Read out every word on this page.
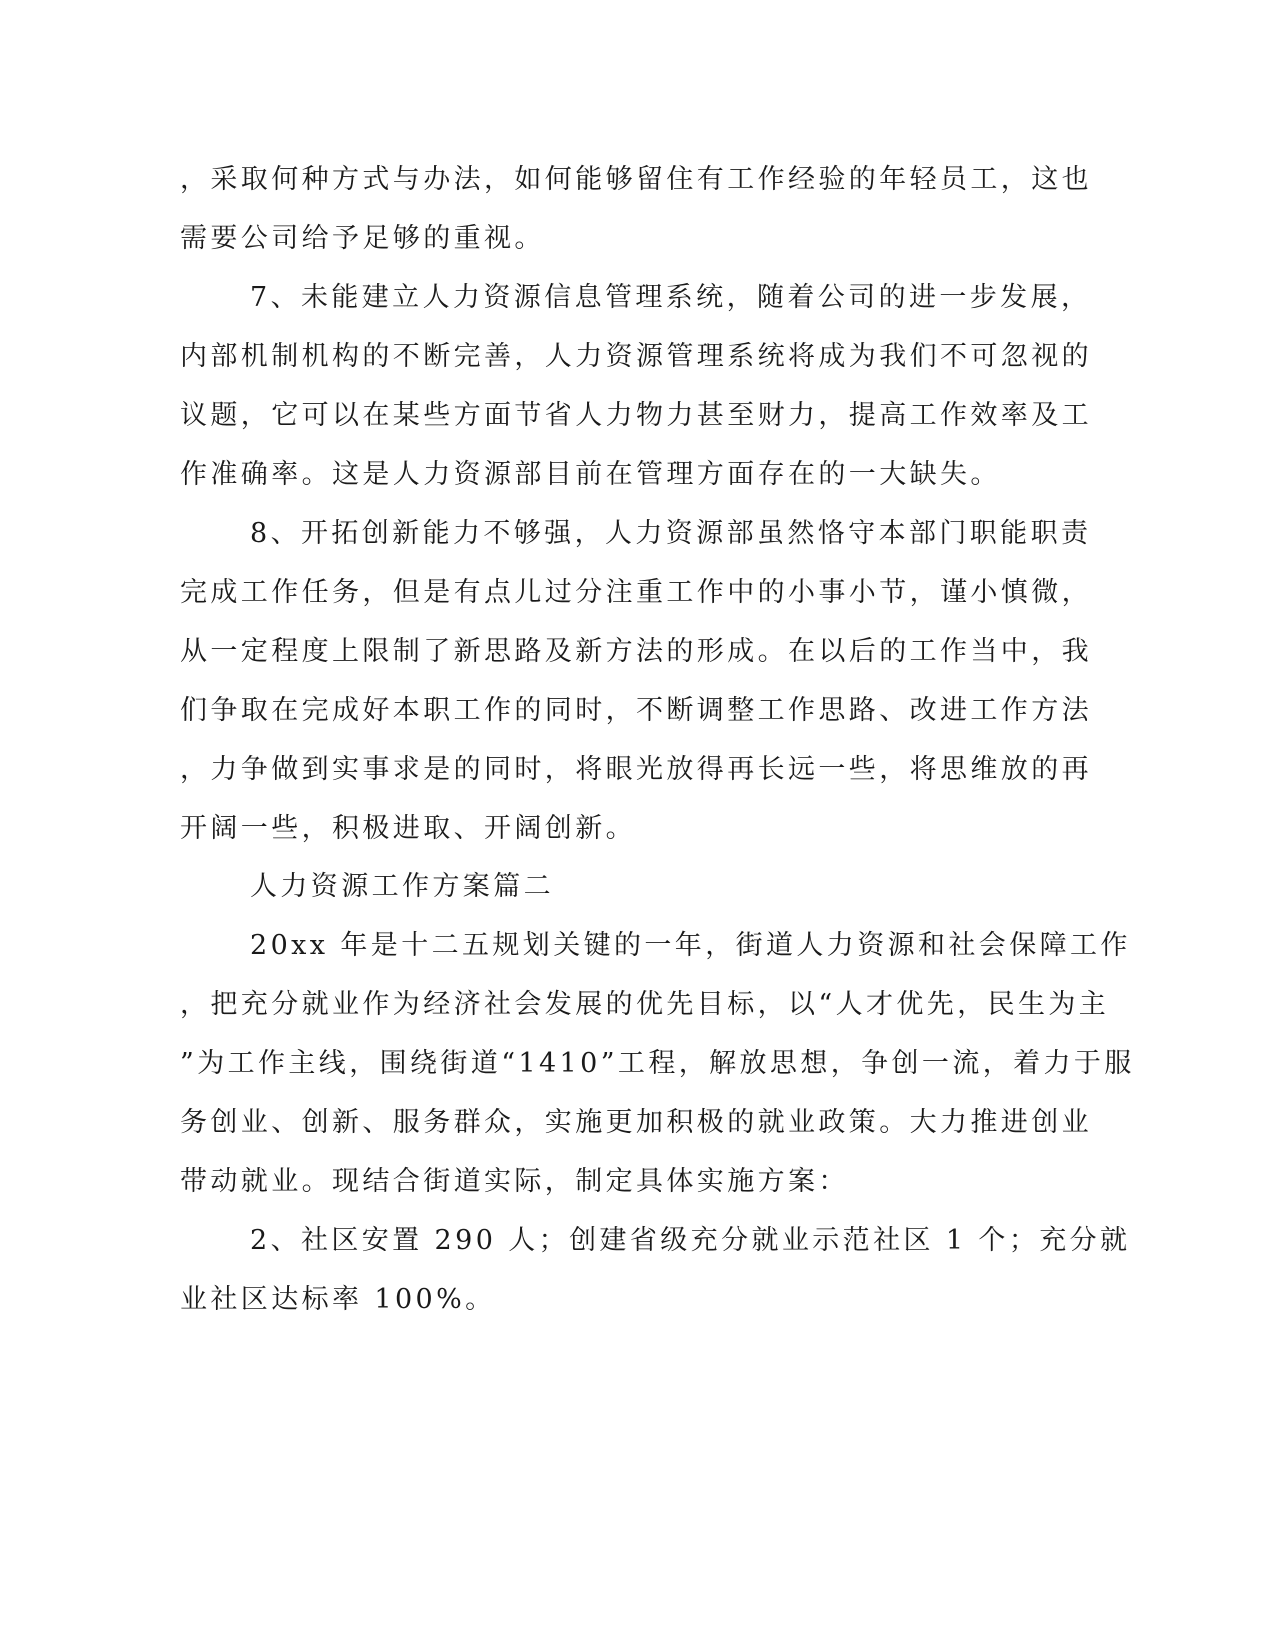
，采取何种方式与办法，如何能够留住有工作经验的年轻员工，这也
需要公司给予足够的重视。
7、未能建立人力资源信息管理系统，随着公司的进一步发展，
内部机制机构的不断完善，人力资源管理系统将成为我们不可忽视的
议题，它可以在某些方面节省人力物力甚至财力，提高工作效率及工
作准确率。这是人力资源部目前在管理方面存在的一大缺失。
8、开拓创新能力不够强，人力资源部虽然恪守本部门职能职责
完成工作任务，但是有点儿过分注重工作中的小事小节，谨小慎微，
从一定程度上限制了新思路及新方法的形成。在以后的工作当中，我
们争取在完成好本职工作的同时，不断调整工作思路、改进工作方法
，力争做到实事求是的同时，将眼光放得再长远一些，将思维放的再
开阔一些，积极进取、开阔创新。
人力资源工作方案篇二
20xx 年是十二五规划关键的一年，街道人力资源和社会保障工作
，把充分就业作为经济社会发展的优先目标，以“人才优先，民生为主
”为工作主线，围绕街道“1410”工程，解放思想，争创一流，着力于服
务创业、创新、服务群众，实施更加积极的就业政策。大力推进创业
带动就业。现结合街道实际，制定具体实施方案：
2、社区安置 290 人；创建省级充分就业示范社区 1 个；充分就
业社区达标率 100%。
